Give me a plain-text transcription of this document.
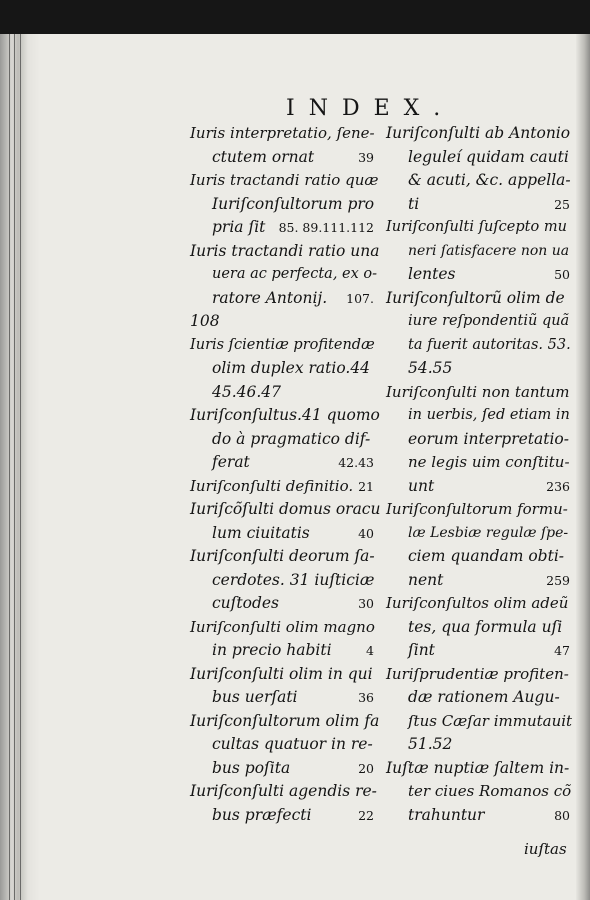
INDEX.
Iuris interpretatio, ſene-
ctutem ornat	39
Iuris tractandi ratio quæ
Iuriſconſultorum pro
pria ſit 85. 89.111.112
Iuris tractandi ratio una
uera ac perfecta, ex o-
ratore Antonij. 107.
108
Iuris ſcientiæ profitendæ
olim duplex ratio.44
45.46.47
Iuriſconſultus.41 quomo
do à pragmatico dif-
ferat	42.43
Iuriſconſulti definitio. 21
Iuriſcõſulti domus oracu
lum ciuitatis	40
Iuriſconſulti deorum ſa-
cerdotes. 31 iuſticiæ
cuſtodes	30
Iuriſconſulti olim magno
in precio habiti	4
Iuriſconſulti olim in qui
bus uerſati	36
Iuriſconſultorum olim fa
cultas quatuor in re-
bus poſita	20
Iuriſconſulti agendis re-
bus præfecti	22
Iuriſconſulti ab Antonio
leguleí quidam cauti
& acuti, &c. appella-
ti	25
Iuriſconſulti ſuſcepto mu
neri ſatisfacere non ua
lentes	50
Iuriſconſultorũ olim de
iure reſpondentiũ quã
ta fuerit autoritas. 53.
54.55
Iuriſconſulti non tantum
in uerbis, ſed etiam in
eorum interpretatio-
ne legis uim conſtitu-
unt	236
Iuriſconſultorum formu-
læ Lesbiæ regulæ ſpe-
ciem quandam obti-
nent	259
Iuriſconſultos olim adeũ
tes, qua formula uſi
ſint	47
Iuriſprudentiæ profiten-
dæ rationem Augu-
ſtus Cæſar immutauit
51.52
Iuſtæ nuptiæ ſaltem in-
ter ciues Romanos cõ
trahuntur	80
iuſtas
